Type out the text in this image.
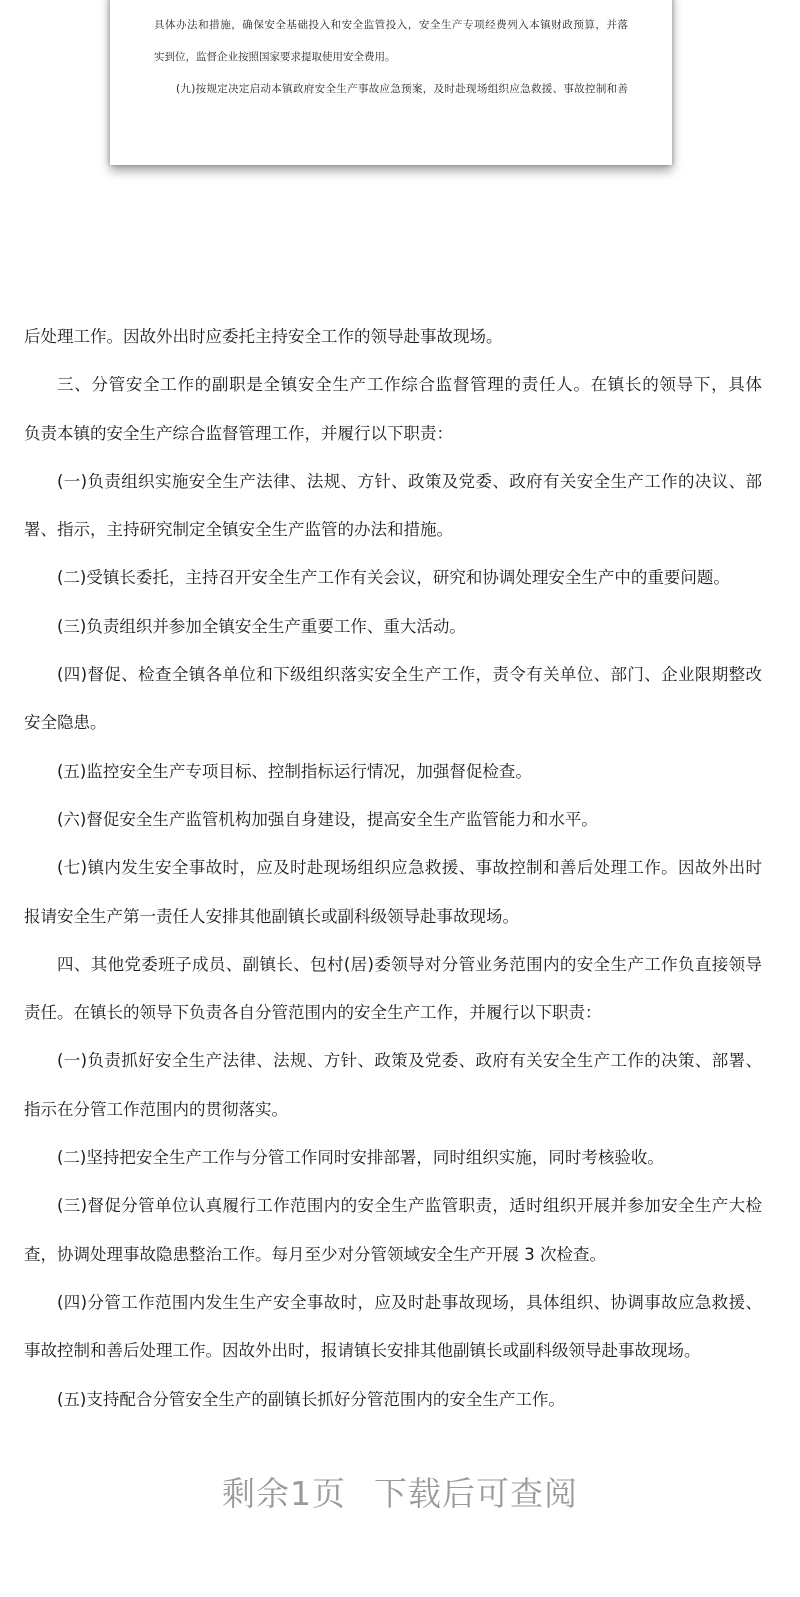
具体办法和措施，确保安全基础投入和安全监管投入，安全生产专项经费列入本镇财政预算，并落
实到位，监督企业按照国家要求提取使用安全费用。
(九)按规定决定启动本镇政府安全生产事故应急预案，及时赴现场组织应急救援、事故控制和善
后处理工作。因故外出时应委托主持安全工作的领导赴事故现场。
三、分管安全工作的副职是全镇安全生产工作综合监督管理的责任人。在镇长的领导下，具体
负责本镇的安全生产综合监督管理工作，并履行以下职责：
(一)负责组织实施安全生产法律、法规、方针、政策及党委、政府有关安全生产工作的决议、部
署、指示，主持研究制定全镇安全生产监管的办法和措施。
(二)受镇长委托，主持召开安全生产工作有关会议，研究和协调处理安全生产中的重要问题。
(三)负责组织并参加全镇安全生产重要工作、重大活动。
(四)督促、检查全镇各单位和下级组织落实安全生产工作，责令有关单位、部门、企业限期整改
安全隐患。
(五)监控安全生产专项目标、控制指标运行情况，加强督促检查。
(六)督促安全生产监管机构加强自身建设，提高安全生产监管能力和水平。
(七)镇内发生安全事故时，应及时赴现场组织应急救援、事故控制和善后处理工作。因故外出时
报请安全生产第一责任人安排其他副镇长或副科级领导赴事故现场。
四、其他党委班子成员、副镇长、包村(居)委领导对分管业务范围内的安全生产工作负直接领导
责任。在镇长的领导下负责各自分管范围内的安全生产工作，并履行以下职责：
(一)负责抓好安全生产法律、法规、方针、政策及党委、政府有关安全生产工作的决策、部署、
指示在分管工作范围内的贯彻落实。
(二)坚持把安全生产工作与分管工作同时安排部署，同时组织实施，同时考核验收。
(三)督促分管单位认真履行工作范围内的安全生产监管职责，适时组织开展并参加安全生产大检
查，协调处理事故隐患整治工作。每月至少对分管领域安全生产开展 3 次检查。
(四)分管工作范围内发生生产安全事故时，应及时赴事故现场，具体组织、协调事故应急救援、
事故控制和善后处理工作。因故外出时，报请镇长安排其他副镇长或副科级领导赴事故现场。
(五)支持配合分管安全生产的副镇长抓好分管范围内的安全生产工作。
剩余1页 下载后可查阅
